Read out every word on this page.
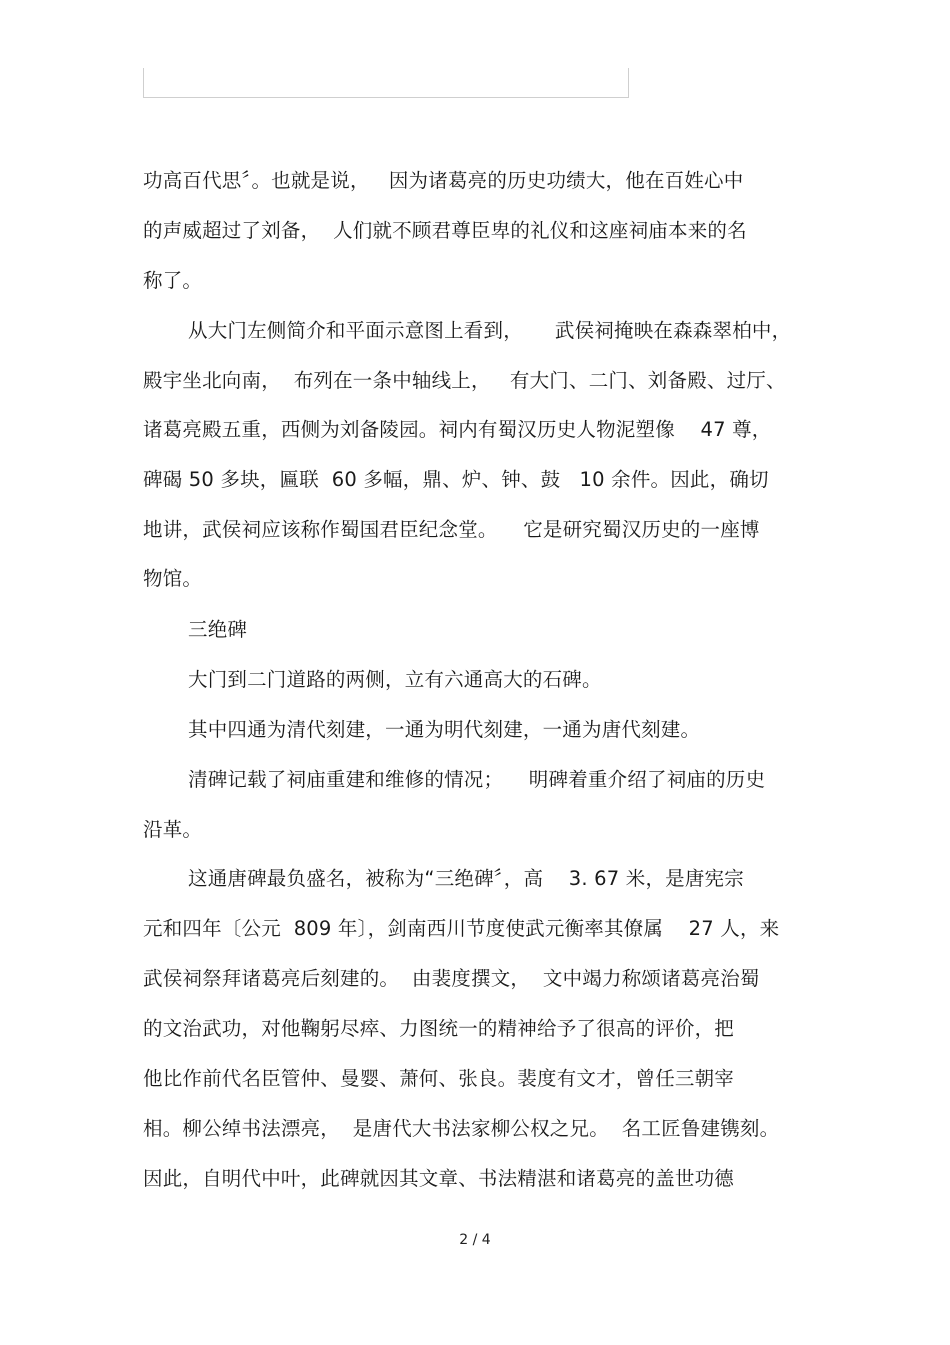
功高百代思〞。也就是说，   因为诸葛亮的历史功绩大，他在百姓心中
的声威超过了刘备，  人们就不顾君尊臣卑的礼仪和这座祠庙本来的名
称了。
从大门左侧简介和平面示意图上看到，     武侯祠掩映在森森翠柏中，
殿宇坐北向南，  布列在一条中轴线上，   有大门、二门、刘备殿、过厅、
诸葛亮殿五重，西侧为刘备陵园。祠内有蜀汉历史人物泥塑像    47 尊，
碑碣 50 多块，匾联  60 多幅，鼎、炉、钟、鼓   10 余件。因此，确切
地讲，武侯祠应该称作蜀国君臣纪念堂。    它是研究蜀汉历史的一座博
物馆。
三绝碑
大门到二门道路的两侧，立有六通高大的石碑。
其中四通为清代刻建，一通为明代刻建，一通为唐代刻建。
清碑记载了祠庙重建和维修的情况；    明碑着重介绍了祠庙的历史
沿革。
这通唐碑最负盛名，被称为“三绝碑〞，高    3. 67 米，是唐宪宗
元和四年〔公元  809 年〕，剑南西川节度使武元衡率其僚属    27 人，来
武侯祠祭拜诸葛亮后刻建的。  由裴度撰文，  文中竭力称颂诸葛亮治蜀
的文治武功，对他鞠躬尽瘁、力图统一的精神给予了很高的评价，把
他比作前代名臣管仲、曼婴、萧何、张良。裴度有文才，曾任三朝宰
相。柳公绰书法漂亮，  是唐代大书法家柳公权之兄。  名工匠鲁建镌刻。
因此，自明代中叶，此碑就因其文章、书法精湛和诸葛亮的盖世功德
2 / 4
